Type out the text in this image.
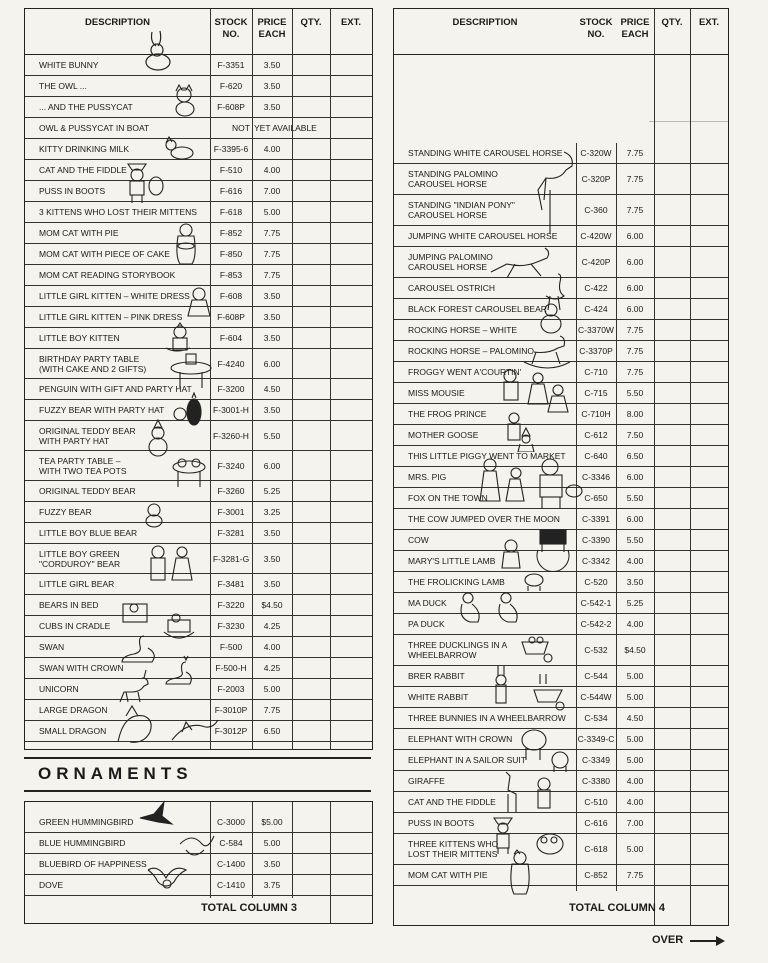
DESCRIPTION	STOCK
NO.
PRICE
EACH
QTY.	EXT.
WHITE BUNNY	F-3351	3.50
THE OWL ...	F-620	3.50
... AND THE PUSSYCAT	F-608P	3.50
OWL & PUSSYCAT IN BOAT	NOT YET AVAILABLE
KITTY DRINKING MILK	F-3395-6	4.00
CAT AND THE FIDDLE	F-510	4.00
PUSS IN BOOTS	F-616	7.00
3 KITTENS WHO LOST THEIR MITTENS	F-618	5.00
MOM CAT WITH PIE	F-852	7.75
MOM CAT WITH PIECE OF CAKE	F-850	7.75
MOM CAT READING STORYBOOK	F-853	7.75
LITTLE GIRL KITTEN – WHITE DRESS	F-608	3.50
LITTLE GIRL KITTEN – PINK DRESS	F-608P	3.50
LITTLE BOY KITTEN	F-604	3.50
BIRTHDAY PARTY TABLE
(WITH CAKE AND 2 GIFTS)	F-4240	6.00
PENGUIN WITH GIFT AND PARTY HAT	F-3200	4.50
FUZZY BEAR WITH PARTY HAT	F-3001-H	3.50
ORIGINAL TEDDY BEAR
WITH PARTY HAT	F-3260-H	5.50
TEA PARTY TABLE –
WITH TWO TEA POTS	F-3240	6.00
ORIGINAL TEDDY BEAR	F-3260	5.25
FUZZY BEAR	F-3001	3.25
LITTLE BOY BLUE BEAR	F-3281	3.50
LITTLE BOY GREEN
"CORDUROY" BEAR	F-3281-G	3.50
LITTLE GIRL BEAR	F-3481	3.50
BEARS IN BED	F-3220	$4.50
CUBS IN CRADLE	F-3230	4.25
SWAN	F-500	4.00
SWAN WITH CROWN	F-500-H	4.25
UNICORN	F-2003	5.00
LARGE DRAGON	F-3010P	7.75
SMALL DRAGON	F-3012P	6.50
ORNAMENTS
GREEN HUMMINGBIRD	C-3000	$5.00
BLUE HUMMINGBIRD	C-584	5.00
BLUEBIRD OF HAPPINESS	C-1400	3.50
DOVE	C-1410	3.75
TOTAL COLUMN 3
DESCRIPTION	STOCK
NO.
PRICE
EACH
QTY.	EXT.
STANDING WHITE CAROUSEL HORSE	C-320W	7.75
STANDING PALOMINO
CAROUSEL HORSE	C-320P	7.75
STANDING "INDIAN PONY"
CAROUSEL HORSE	C-360	7.75
JUMPING WHITE CAROUSEL HORSE	C-420W	6.00
JUMPING PALOMINO
CAROUSEL HORSE	C-420P	6.00
CAROUSEL OSTRICH	C-422	6.00
BLACK FOREST CAROUSEL BEAR	C-424	6.00
ROCKING HORSE – WHITE	C-3370W	7.75
ROCKING HORSE – PALOMINO	C-3370P	7.75
FROGGY WENT A'COURTIN'	C-710	7.75
MISS MOUSIE	C-715	5.50
THE FROG PRINCE	C-710H	8.00
MOTHER GOOSE	C-612	7.50
THIS LITTLE PIGGY WENT TO MARKET	C-640	6.50
MRS. PIG	C-3346	6.00
FOX ON THE TOWN	C-650	5.50
THE COW JUMPED OVER THE MOON	C-3391	6.00
COW	C-3390	5.50
MARY'S LITTLE LAMB	C-3342	4.00
THE FROLICKING LAMB	C-520	3.50
MA DUCK	C-542-1	5.25
PA DUCK	C-542-2	4.00
THREE DUCKLINGS IN A
WHEELBARROW	C-532	$4.50
BRER RABBIT	C-544	5.00
WHITE RABBIT	C-544W	5.00
THREE BUNNIES IN A WHEELBARROW	C-534	4.50
ELEPHANT WITH CROWN	C-3349-C	5.00
ELEPHANT IN A SAILOR SUIT	C-3349	5.00
GIRAFFE	C-3380	4.00
CAT AND THE FIDDLE	C-510	4.00
PUSS IN BOOTS	C-616	7.00
THREE KITTENS WHO
LOST THEIR MITTENS	C-618	5.00
MOM CAT WITH PIE	C-852	7.75
TOTAL COLUMN 4
OVER
